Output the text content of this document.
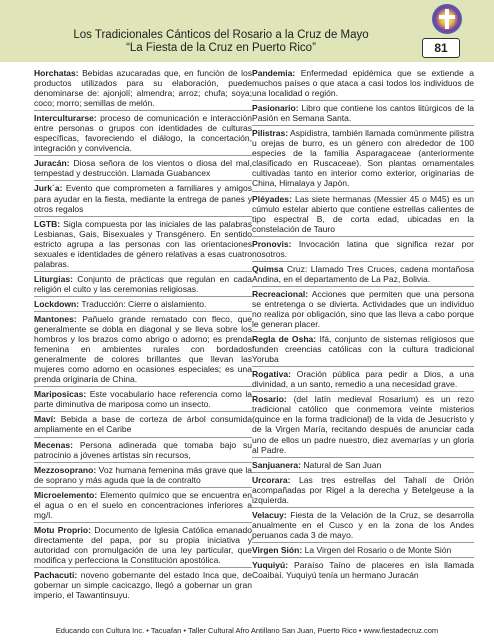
Los Tradicionales Cánticos del Rosario a la Cruz de Mayo
“La Fiesta de la Cruz en Puerto Rico”	81
Horchatas: Bebidas azucaradas que, en función de los productos utilizados para su elaboración, puede denominarse de: ajonjolí; almendra; arroz; chufa; soya; coco; morro; semillas de melón.
Interculturarse: proceso de comunicación e interacción entre personas o grupos con identidades de culturas específicas, favoreciendo el diálogo, la concertación, integración y convivencia.
Juracán: Diosa señora de los vientos o diosa del mal, tempestad y destrucción. Llamada Guabancex
Jurk´a: Evento que comprometen a familiares y amigos para ayudar en la fiesta, mediante la entrega de panes y otros regalos
LGTB: Sigla compuesta por las iniciales de las palabras Lesbianas, Gais, Bisexuales y Transgénero. En sentido estricto agrupa a las personas con las orientaciones sexuales e identidades de género relativas a esas cuatro palabras.
Liturgias: Conjunto de prácticas que regulan en cada religión el culto y las ceremonias religiosas.
Lockdown: Traducción: Cierre o aislamiento.
Mantones: Pañuelo grande rematado con fleco, que generalmente se dobla en diagonal y se lleva sobre los hombros y los brazos como abrigo o adorno; es prenda femenina en ambientes rurales con bordados generalmente de colores brillantes que llevan las mujeres como adorno en ocasiones especiales; es una prenda originaria de China.
Mariposicas: Este vocabulario hace referencia como la parte diminutiva de mariposa como un insecto.
Maví: Bebida a base de corteza de árbol consumida ampliamente en el Caribe
Mecenas: Persona adinerada que tomaba bajo su patrocinio a jóvenes artistas sin recursos,
Mezzosoprano: Voz humana femenina más grave que la de soprano y más aguda que la de contralto
Microelemento: Elemento químico que se encuentra en el agua o en el suelo en concentraciones inferiores a mg/l.
Motu Proprio: Documento de Iglesia Católica emanado directamente del papa, por su propia iniciativa y autoridad con promulgación de una ley particular, que modifica y perfecciona la Constitución apostólica.
Pachacuti: noveno gobernante del estado Inca que, de gobernar un simple cacicazgo, llegó a gobernar un gran imperio, el Tawantinsuyu.
Pandemia: Enfermedad epidémica que se extiende a muchos países o que ataca a casi todos los individuos de una localidad o región.
Pasionario: Libro que contiene los cantos litúrgicos de la Pasión en Semana Santa.
Pilistras: Aspidistra, también llamada comúnmente pilistra u orejas de burro, es un género con alrededor de 100 especies de la familia Asparagaceae (anteriormente clasificado en Ruscaceae). Son plantas ornamentales cultivadas tanto en interior como exterior, originarias de China, Himalaya y Japón.
Pléyades: Las siete hermanas (Messier 45 o M45) es un cúmulo estelar abierto que contiene estrellas calientes de tipo espectral B, de corta edad, ubicadas en la constelación de Tauro
Pronovis: Invocación latina que significa rezar por nosotros.
Quimsa Cruz: Llamado Tres Cruces, cadena montañosa Andina, en el departamento de La Paz, Bolivia.
Recreacional: Acciones que permiten que una persona se entretenga o se divierta. Actividades que un individuo no realiza por obligación, sino que las lleva a cabo porque le generan placer.
Regla de Osha: Ifá, conjunto de sistemas religiosos que funden creencias católicas con la cultura tradicional Yoruba
Rogativa: Oración pública para pedir a Dios, a una divinidad, a un santo, remedio a una necesidad grave.
Rosario: (del latín medieval Rosarium) es un rezo tradicional católico que conmemora veinte misterios (quince en la forma tradicional) de la vida de Jesucristo y de la Virgen María, recitando después de anunciar cada uno de ellos un padre nuestro, diez avemarías y un gloria al Padre.
Sanjuanera: Natural de San Juan
Urcorara: Las tres estrellas del Tahalí de Orión acompañadas por Rigel a la derecha y Betelgeuse a la izquierda.
Velacuy: Fiesta de la Velación de la Cruz, se desarrolla anualmente en el Cusco y en la zona de los Andes peruanos cada 3 de mayo.
Virgen Sión: La Virgen del Rosario o de Monte Sión
Yuquiyú: Paraíso Taíno de placeres en isla llamada Coaibaí. Yuquiyú tenía un hermano Juracán
Educando con Cultura Inc. • Tacuafan • Taller Cultural Afro Antillano San Juan, Puerto Rico • www.fiestadecruz.com
